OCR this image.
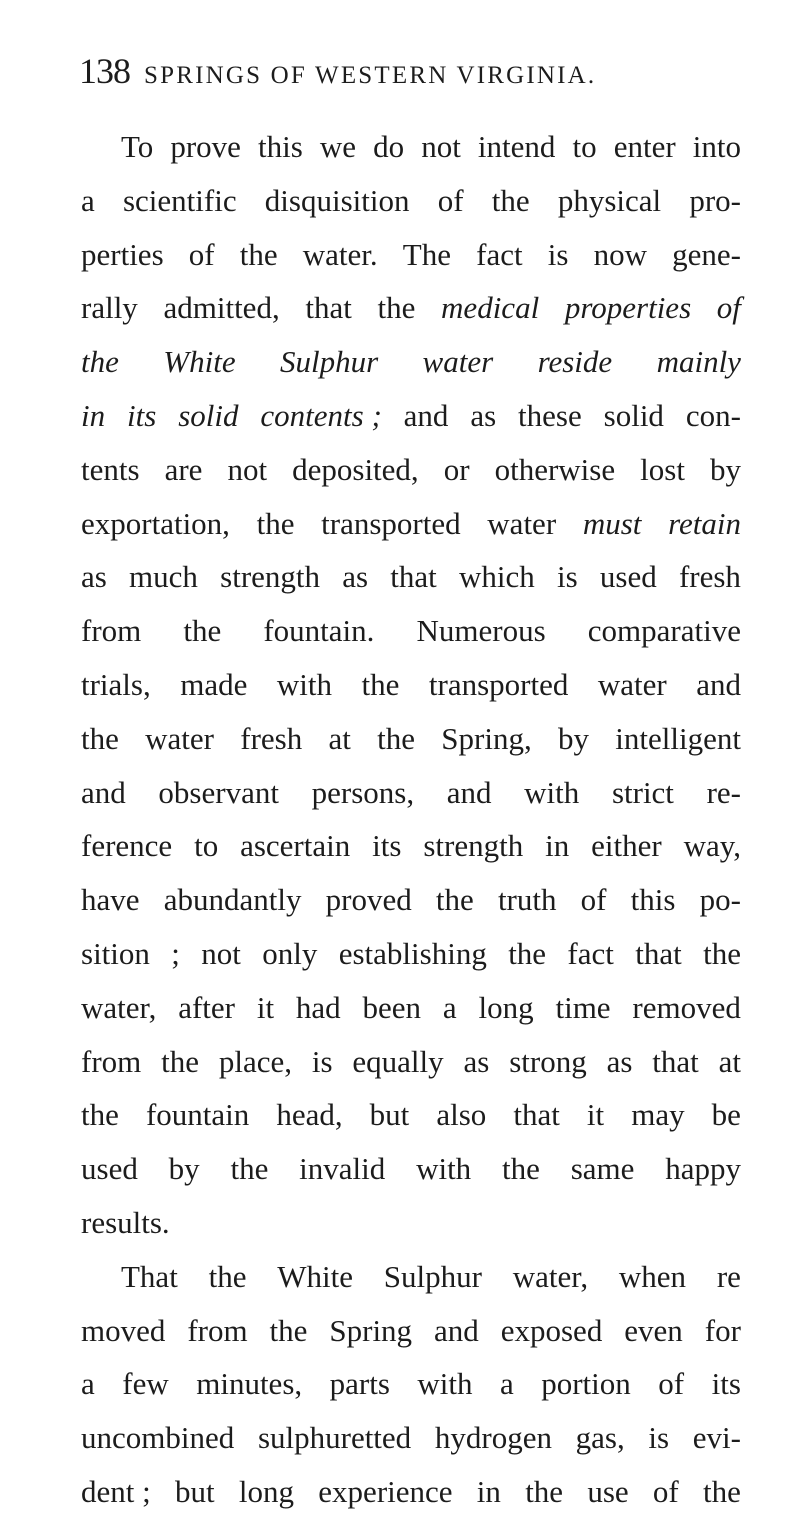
138 SPRINGS OF WESTERN VIRGINIA.
To prove this we do not intend to enter into
a scientific disquisition of the physical pro-
perties of the water. The fact is now gene-
rally admitted, that the medical properties of
the White Sulphur water reside mainly
in its solid contents ; and as these solid con-
tents are not deposited, or otherwise lost by
exportation, the transported water must retain
as much strength as that which is used fresh
from the fountain. Numerous comparative
trials, made with the transported water and
the water fresh at the Spring, by intelligent
and observant persons, and with strict re-
ference to ascertain its strength in either way,
have abundantly proved the truth of this po-
sition ; not only establishing the fact that the
water, after it had been a long time removed
from the place, is equally as strong as that at
the fountain head, but also that it may be
used by the invalid with the same happy
results.
That the White Sulphur water, when re
moved from the Spring and exposed even for
a few minutes, parts with a portion of its
uncombined sulphuretted hydrogen gas, is evi-
dent ; but long experience in the use of the
